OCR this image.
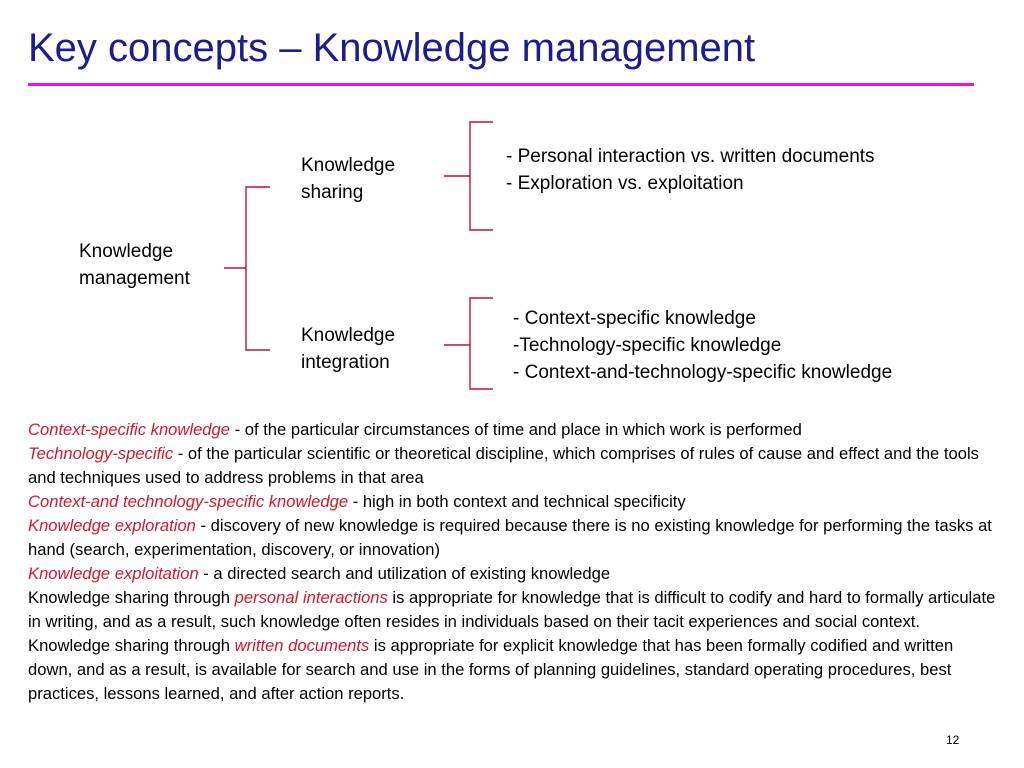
Key concepts – Knowledge management
Knowledge
management
Knowledge
sharing
Knowledge
integration
- Personal interaction vs. written documents
- Exploration vs. exploitation
- Context-specific knowledge
-Technology-specific knowledge
- Context-and-technology-specific knowledge

Context-specific knowledge - of the particular circumstances of time and place in which work is performed

Technology-specific - of the particular scientific or theoretical discipline, which comprises of rules of cause and effect and the tools and techniques used to address problems in that area

Context-and technology-specific knowledge - high in both context and technical specificity

Knowledge exploration - discovery of new knowledge is required because there is no existing knowledge for performing the tasks at hand (search, experimentation, discovery, or innovation)

Knowledge exploitation - a directed search and utilization of existing knowledge

Knowledge sharing through personal interactions is appropriate for knowledge that is difficult to codify and hard to formally articulate in writing, and as a result, such knowledge often resides in individuals based on their tacit experiences and social context.

Knowledge sharing through written documents is appropriate for explicit knowledge that has been formally codified and written down, and as a result, is available for search and use in the forms of planning guidelines, standard operating procedures, best practices, lessons learned, and after action reports.

12
